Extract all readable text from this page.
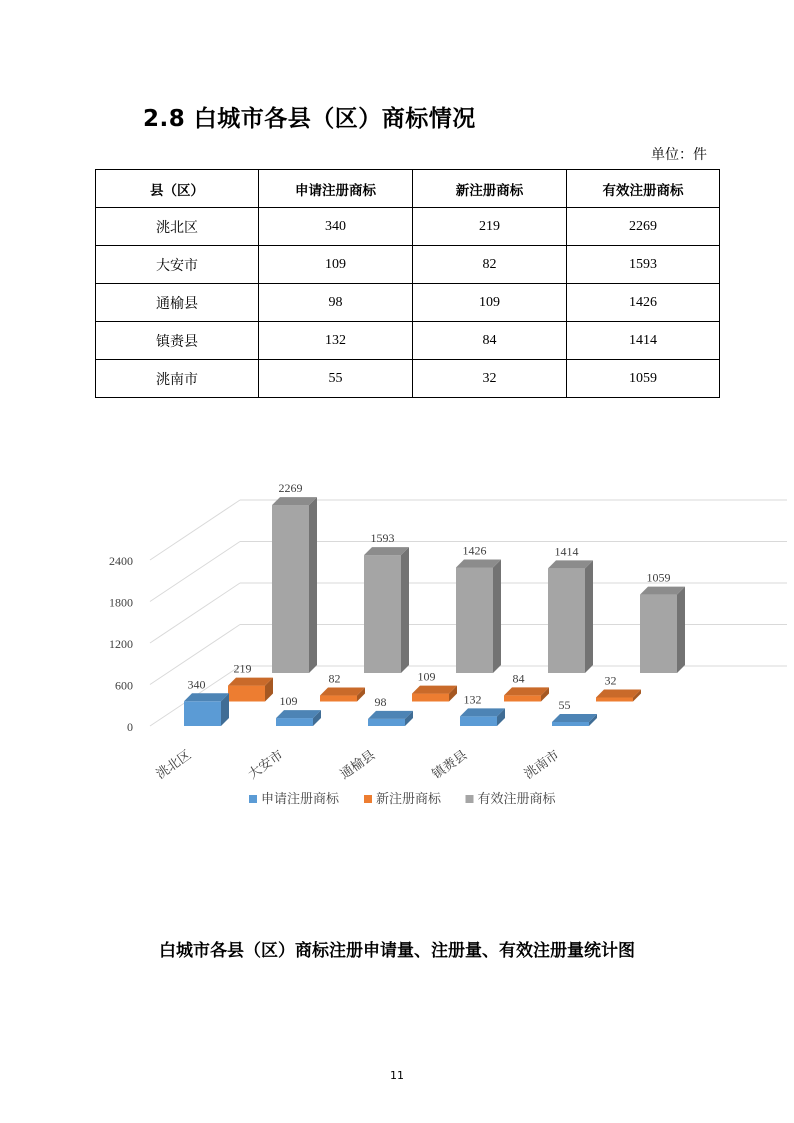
2.8 白城市各县（区）商标情况
单位：件
县（区）	申请注册商标	新注册商标	有效注册商标
洮北区	340	219	2269
大安市	109	82	1593
通榆县	98	109	1426
镇赉县	132	84	1414
洮南市	55	32	1059
0
600
1200
1800
2400
2269
1593
1426	1414
1059
219
82	109	84	32
340
109	98	132	55
洮北区	大安市	通榆县	镇赉县	洮南市
申请注册商标	新注册商标	有效注册商标
白城市各县（区）商标注册申请量、注册量、有效注册量统计图
11
